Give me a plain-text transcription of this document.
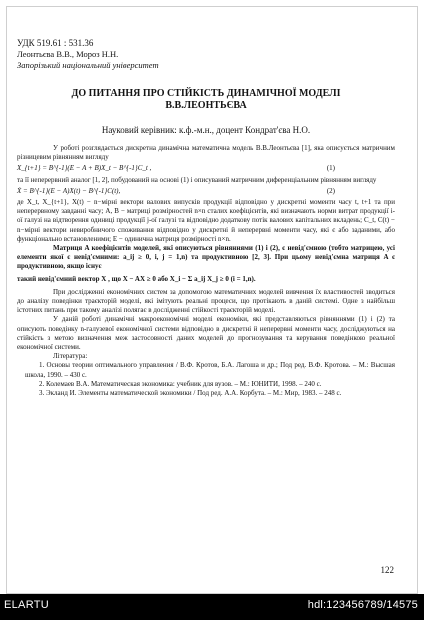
УДК 519.61 : 531.36
Леонтьєва В.В., Мороз Н.Н.
Запорізький національний університет
ДО ПИТАННЯ ПРО СТІЙКІСТЬ ДИНАМІЧНОЇ МОДЕЛІ
В.В.ЛЕОНТЬЄВА
Науковий керівник: к.ф.-м.н., доцент Кондрат'єва Н.О.

У роботі розглядається дискретна динамічна математична модель В.В.Леонтьєва [1], яка описується матричним різницевим рівнянням вигляду

X_{t+1} = B^{-1}(E − A + B)X_t − B^{-1}C_t ,	(1)

та її неперервний аналог [1, 2], побудований на основі (1) і описуваний матричним диференціальним рівнянням вигляду

Ẋ = B^{-1}(E − A)X(t) − B^{-1}C(t),	(2)

де X_t, X_{t+1}, X(t) − n−мірні вектори валових випусків продукції відповідно у дискретні моменти часу t, t+1 та при неперервному завданні часу; A, B − матриці розмірностей n×n сталих коефіцієнтів, які визначають норми витрат продукції i-ої галузі на відтворення одиниці продукції j-ої галузі та відповідно додаткову потік валових капітальних вкладень; C_t, C(t) − n−мірні вектори невиробничого споживання відповідно у дискретні й неперервні моменти часу, які є або заданими, або функціонально встановленими; E − одинична матриця розмірності n×n.

Матриця A коефіцієнтів моделей, які описуються рівняннями (1) і (2), є невід'ємною (тобто матрицею, усі елементи якої є невід'ємними: a_ij ≥ 0, i, j = 1,n) та продуктивною [2, 3]. При цьому невід'ємна матриця A є продуктивною, якщо існує

такий невід'ємний вектор X , що X − AX ≥ 0 або X_i − Σ a_ij X_j ≥ 0 (i = 1,n).

При дослідженні економічних систем за допомогою математичних моделей вивчення їх властивостей зводиться до аналізу поведінки траєкторій моделі, які імітують реальні процеси, що протікають в даній системі. Одне з найбільш істотних питань при такому аналізі полягає в дослідженні стійкості траєкторій моделі.

У даній роботі динамічні макроекономічні моделі економіки, які представляються рівняннями (1) і (2) та описують поведінку n-галузевої економічної системи відповідно в дискретні й неперервні моменти часу, досліджуються на стійкість з метою визначення меж застосовності даних моделей до прогнозування та керування поведінкою реальної економічної системи.

Література:

1. Основы теории оптимального управления / В.Ф. Кротов, Б.А. Лагоша и др.; Под ред. В.Ф. Кротова. – М.: Высшая школа, 1990. – 430 с.
2. Колемаев В.А. Математическая экономика: учебник для вузов. – М.: ЮНИТИ, 1998. – 240 с.
3. Экланд И. Элементы математической экономики / Под ред. А.А. Корбута. – М.: Мир, 1983. – 248 с.
122
ELARTU	hdl:123456789/14575
